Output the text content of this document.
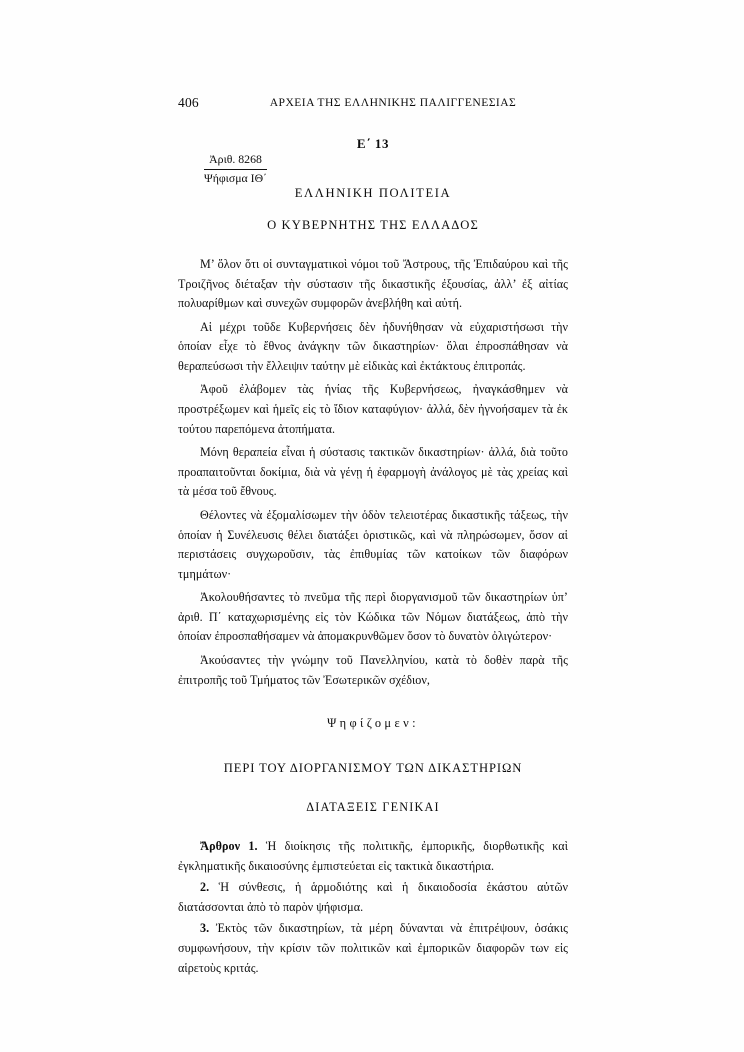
406	ΑΡΧΕΙΑ ΤΗΣ ΕΛΛΗΝΙΚΗΣ ΠΑΛΙΓΓΕΝΕΣΙΑΣ
Ε΄ 13
Ἀριθ. 8268
Ψήφισμα ΙΘ΄
ΕΛΛΗΝΙΚΗ ΠΟΛΙΤΕΙΑ
Ο ΚΥΒΕΡΝΗΤΗΣ ΤΗΣ ΕΛΛΑΔΟΣ

Μ’ ὅλον ὅτι οἱ συνταγματικοὶ νόμοι τοῦ Ἄστρους, τῆς Ἐπιδαύρου καὶ τῆς Τροιζῆνος διέταξαν τὴν σύστασιν τῆς δικαστικῆς ἐξουσίας, ἀλλ’ ἐξ αἰτίας πολυαρίθμων καὶ συνεχῶν συμφορῶν ἀνεβλήθη καὶ αὐτή.

Αἱ μέχρι τοῦδε Κυβερνήσεις δὲν ἠδυνήθησαν νὰ εὐχαριστήσωσι τὴν ὁποίαν εἶχε τὸ ἔθνος ἀνάγκην τῶν δικαστηρίων· ὅλαι ἐπροσπάθησαν νὰ θεραπεύσωσι τὴν ἔλλειψιν ταύτην μὲ εἰδικὰς καὶ ἐκτάκτους ἐπιτροπάς.

Ἀφοῦ ἐλάβομεν τὰς ἡνίας τῆς Κυβερνήσεως, ἠναγκάσθημεν νὰ προστρέξωμεν καὶ ἡμεῖς εἰς τὸ ἴδιον καταφύγιον· ἀλλά, δὲν ἠγνοήσαμεν τὰ ἐκ τούτου παρεπόμενα ἀτοπήματα.

Μόνη θεραπεία εἶναι ἡ σύστασις τακτικῶν δικαστηρίων· ἀλλά, διὰ τοῦτο προαπαιτοῦνται δοκίμια, διὰ νὰ γένῃ ἡ ἐφαρμογὴ ἀνάλογος μὲ τὰς χρείας καὶ τὰ μέσα τοῦ ἔθνους.

Θέλοντες νὰ ἐξομαλίσωμεν τὴν ὁδὸν τελειοτέρας δικαστικῆς τάξεως, τὴν ὁποίαν ἡ Συνέλευσις θέλει διατάξει ὁριστικῶς, καὶ νὰ πληρώσωμεν, ὅσον αἱ περιστάσεις συγχωροῦσιν, τὰς ἐπιθυμίας τῶν κατοίκων τῶν διαφόρων τμημάτων·

Ἀκολουθήσαντες τὸ πνεῦμα τῆς περὶ διοργανισμοῦ τῶν δικαστηρίων ὑπ’ ἀριθ. Π΄ καταχωρισμένης εἰς τὸν Κώδικα τῶν Νόμων διατάξεως, ἀπὸ τὴν ὁποίαν ἐπροσπαθήσαμεν νὰ ἀπομακρυνθῶμεν ὅσον τὸ δυνατὸν ὀλιγώτερον·

Ἀκούσαντες τὴν γνώμην τοῦ Πανελληνίου, κατὰ τὸ δοθὲν παρὰ τῆς ἐπιτροπῆς τοῦ Τμήματος τῶν Ἐσωτερικῶν σχέδιον,

Ψηφίζομεν:
ΠΕΡΙ ΤΟΥ ΔΙΟΡΓΑΝΙΣΜΟΥ ΤΩΝ ΔΙΚΑΣΤΗΡΙΩΝ
ΔΙΑΤΑΞΕΙΣ ΓΕΝΙΚΑΙ

Ἄρθρον 1. Ἡ διοίκησις τῆς πολιτικῆς, ἐμπορικῆς, διορθωτικῆς καὶ ἐγκληματικῆς δικαιοσύνης ἐμπιστεύεται εἰς τακτικὰ δικαστήρια.

2. Ἡ σύνθεσις, ἡ ἁρμοδιότης καὶ ἡ δικαιοδοσία ἑκάστου αὐτῶν διατάσσονται ἀπὸ τὸ παρὸν ψήφισμα.

3. Ἐκτὸς τῶν δικαστηρίων, τὰ μέρη δύνανται νὰ ἐπιτρέψουν, ὁσάκις συμφωνήσουν, τὴν κρίσιν τῶν πολιτικῶν καὶ ἐμπορικῶν διαφορῶν των εἰς αἱρετοὺς κριτάς.
